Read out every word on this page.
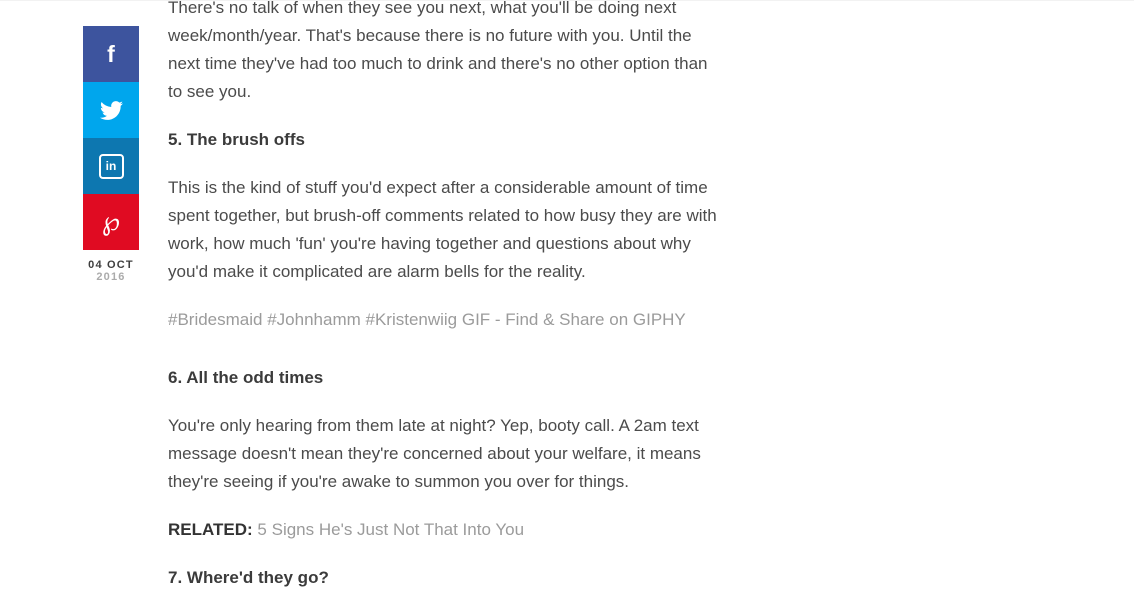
f
in
℘
04 OCT
2016

There's no talk of when they see you next, what you'll be doing next week/month/year. That's because there is no future with you. Until the next time they've had too much to drink and there's no other option than to see you.

5. The brush offs

This is the kind of stuff you'd expect after a considerable amount of time spent together, but brush-off comments related to how busy they are with work, how much 'fun' you're having together and questions about why you'd make it complicated are alarm bells for the reality.

#Bridesmaid #Johnhamm #Kristenwiig GIF - Find & Share on GIPHY
6. All the odd times

You're only hearing from them late at night? Yep, booty call. A 2am text message doesn't mean they're concerned about your welfare, it means they're seeing if you're awake to summon you over for things.

RELATED: 5 Signs He's Just Not That Into You
7. Where'd they go?
